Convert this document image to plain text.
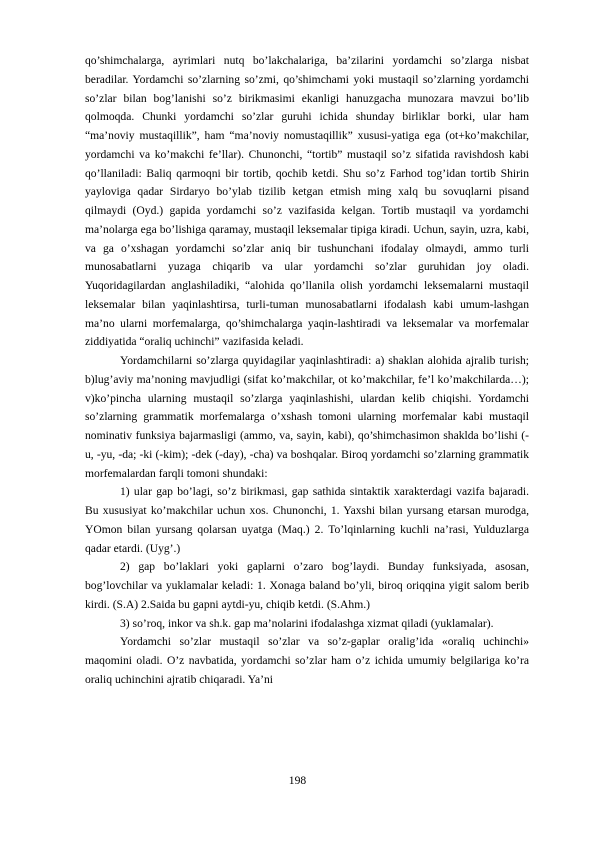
qo’shimchalarga, ayrimlari nutq bo’lakchalariga, ba’zilarini yordamchi so’zlarga nisbat beradilar. Yordamchi so’zlarning so’zmi, qo’shimchami yoki mustaqil so’zlarning yordamchi so’zlar bilan bog’lanishi so’z birikmasimi ekanligi hanuzgacha munozara mavzui bo’lib qolmoqda. Chunki yordamchi so’zlar guruhi ichida shunday birliklar borki, ular ham “ma’noviy mustaqillik”, ham “ma’noviy nomustaqillik” xususi-yatiga ega (ot+ko’makchilar, yordamchi va ko’makchi fe’llar). Chunonchi, “tortib” mustaqil so’z sifatida ravishdosh kabi qo’llaniladi: Baliq qarmoqni bir tortib, qochib ketdi. Shu so’z Farhod tog’idan tortib Shirin yayloviga qadar Sirdaryo bo’ylab tizilib ketgan etmish ming xalq bu sovuqlarni pisand qilmaydi (Oyd.) gapida yordamchi so’z vazifasida kelgan. Tortib mustaqil va yordamchi ma’nolarga ega bo’lishiga qaramay, mustaqil leksemalar tipiga kiradi. Uchun, sayin, uzra, kabi, va ga o’xshagan yordamchi so’zlar aniq bir tushunchani ifodalay olmaydi, ammo turli munosabatlarni yuzaga chiqarib va ular yordamchi so’zlar guruhidan joy oladi. Yuqoridagilardan anglashiladiki, “alohida qo’llanila olish yordamchi leksemalarni mustaqil leksemalar bilan yaqinlashtirsa, turli-tuman munosabatlarni ifodalash kabi umum-lashgan ma’no ularni morfemalarga, qo’shimchalarga yaqin-lashtiradi va leksemalar va morfemalar ziddiyatida “oraliq uchinchi” vazifasida keladi.

Yordamchilarni so’zlarga quyidagilar yaqinlashtiradi: a) shaklan alohida ajralib turish; b)lug’aviy ma’noning mavjudligi (sifat ko’makchilar, ot ko’makchilar, fe’l ko’makchilarda…); v)ko’pincha ularning mustaqil so’zlarga yaqinlashishi, ulardan kelib chiqishi. Yordamchi so’zlarning grammatik morfemalarga o’xshash tomoni ularning morfemalar kabi mustaqil nominativ funksiya bajarmasligi (ammo, va, sayin, kabi), qo’shimchasimon shaklda bo’lishi (-u, -yu, -da; -ki (-kim); -dek (-day), -cha) va boshqalar. Biroq yordamchi so’zlarning grammatik morfemalardan farqli tomoni shundaki:

1) ular gap bo’lagi, so’z birikmasi, gap sathida sintaktik xarakterdagi vazifa bajaradi. Bu xususiyat ko’makchilar uchun xos. Chunonchi, 1. Yaxshi bilan yursang etarsan murodga, YOmon bilan yursang qolarsan uyatga (Maq.) 2. To’lqinlarning kuchli na’rasi, Yulduzlarga qadar etardi. (Uyg’.)

2) gap bo’laklari yoki gaplarni o’zaro bog’laydi. Bunday funksiyada, asosan, bog’lovchilar va yuklamalar keladi: 1. Xonaga baland bo’yli, biroq oriqqina yigit salom berib kirdi. (S.A) 2.Saida bu gapni aytdi-yu, chiqib ketdi. (S.Ahm.)

3) so’roq, inkor va sh.k. gap ma’nolarini ifodalashga xizmat qiladi (yuklamalar).

Yordamchi so’zlar mustaqil so’zlar va so’z-gaplar oralig’ida «oraliq uchinchi» maqomini oladi. O’z navbatida, yordamchi so’zlar ham o’z ichida umumiy belgilariga ko’ra oraliq uchinchini ajratib chiqaradi. Ya’ni

198
